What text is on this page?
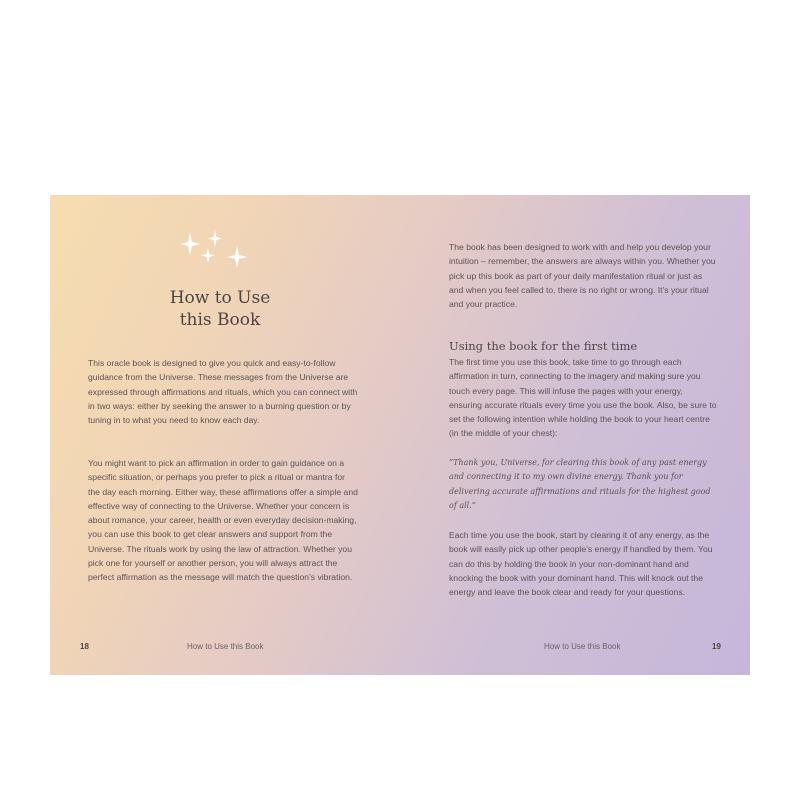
How to Use
this Book

This oracle book is designed to give you quick and easy-to-follow guidance from the Universe. These messages from the Universe are expressed through affirmations and rituals, which you can connect with in two ways: either by seeking the answer to a burning question or by tuning in to what you need to know each day.

You might want to pick an affirmation in order to gain guidance on a specific situation, or perhaps you prefer to pick a ritual or mantra for the day each morning. Either way, these affirmations offer a simple and effective way of connecting to the Universe. Whether your concern is about romance, your career, health or even everyday decision-making, you can use this book to get clear answers and support from the Universe. The rituals work by using the law of attraction. Whether you pick one for yourself or another person, you will always attract the perfect affirmation as the message will match the question’s vibration.

The book has been designed to work with and help you develop your intuition – remember, the answers are always within you. Whether you pick up this book as part of your daily manifestation ritual or just as and when you feel called to, there is no right or wrong. It’s your ritual and your practice.

Using the book for the first time

The first time you use this book, take time to go through each affirmation in turn, connecting to the imagery and making sure you touch every page. This will infuse the pages with your energy, ensuring accurate rituals every time you use the book. Also, be sure to set the following intention while holding the book to your heart centre (in the middle of your chest):

“Thank you, Universe, for clearing this book of any past energy and connecting it to my own divine energy. Thank you for delivering accurate affirmations and rituals for the highest good of all.”

Each time you use the book, start by clearing it of any energy, as the book will easily pick up other people’s energy if handled by them. You can do this by holding the book in your non-dominant hand and knocking the book with your dominant hand. This will knock out the energy and leave the book clear and ready for your questions.

18	How to Use this Book	How to Use this Book	19
